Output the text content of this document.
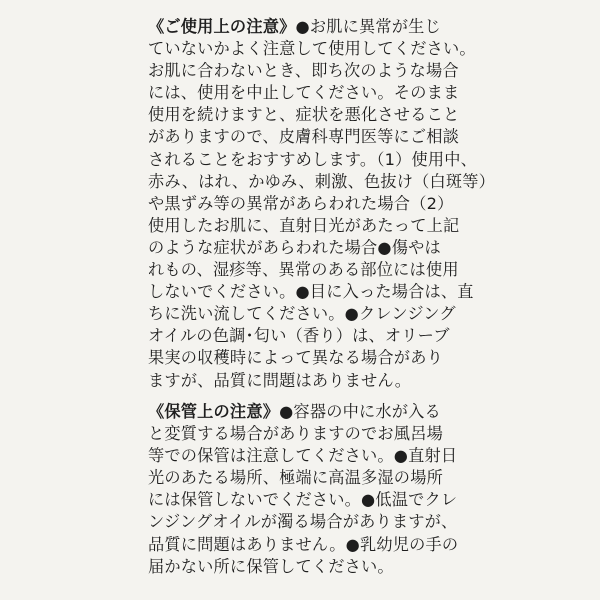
《ご使用上の注意》●お肌に異常が生じ
ていないかよく注意して使用してください。
お肌に合わないとき、即ち次のような場合
には、使用を中止してください。そのまま
使用を続けますと、症状を悪化させること
がありますので、皮膚科専門医等にご相談
されることをおすすめします。（1）使用中、
赤み、はれ、かゆみ、刺激、色抜け（白斑等）
や黒ずみ等の異常があらわれた場合（2）
使用したお肌に、直射日光があたって上記
のような症状があらわれた場合●傷やは
れもの、湿疹等、異常のある部位には使用
しないでください。●目に入った場合は、直
ちに洗い流してください。●クレンジング
オイルの色調･匂い（香り）は、オリーブ
果実の収穫時によって異なる場合があり
ますが、品質に問題はありません。
《保管上の注意》●容器の中に水が入る
と変質する場合がありますのでお風呂場
等での保管は注意してください。●直射日
光のあたる場所、極端に高温多湿の場所
には保管しないでください。●低温でクレ
ンジングオイルが濁る場合がありますが、
品質に問題はありません。●乳幼児の手の
届かない所に保管してください。
